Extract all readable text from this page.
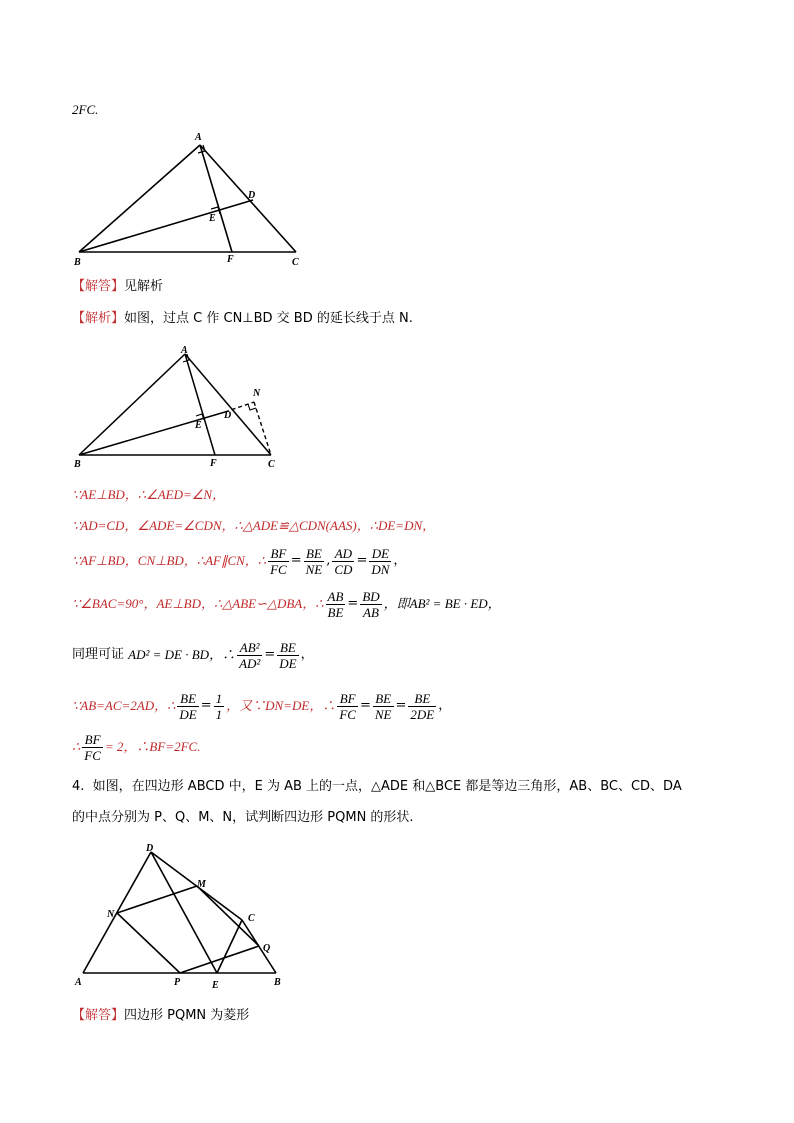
2FC.
A
B	C
D
E
F
【解答】见解析
【解析】如图，过点 C 作 CN⊥BD 交 BD 的延长线于点 N.
A
B	C
D
E
F
N
∵AE⊥BD，∴∠AED=∠N，
∵AD=CD，∠ADE=∠CDN，∴△ADE≌△CDN(AAS)，∴DE=DN，
∵AF⊥BD，CN⊥BD，∴AF∥CN，∴ $\frac{BF}{FC} = \frac{BE}{NE}$ , $\frac{AD}{CD} = \frac{DE}{DN}$ ，
∵∠BAC=90°，AE⊥BD，∴△ABE∽△DBA，∴ $\frac{AB}{BE} = \frac{BD}{AB}$ ，即AB² = BE · ED，
同理可证
AD² = DE · BD，∴ $\frac{\text{AB²}}{\text{AD²}} = \frac{BE}{DE}$ ，
∵AB=AC=2AD，∴ $\frac{BE}{DE} = \frac{1}{1}$ ，又∵DN=DE，∴ $\frac{BF}{FC} = \frac{BE}{NE} = \frac{BE}{2DE}$ ，
∴ $\frac{BF}{FC} = 2$，∴BF=2FC.
4. 如图，在四边形 ABCD 中，E 为 AB 上的一点，△ADE 和△BCE 都是等边三角形，AB、BC、CD、DA
的中点分别为 P、Q、M、N，试判断四边形 PQMN 的形状.
D
M
N	C
Q
A	P	E	B
【解答】四边形 PQMN 为菱形
